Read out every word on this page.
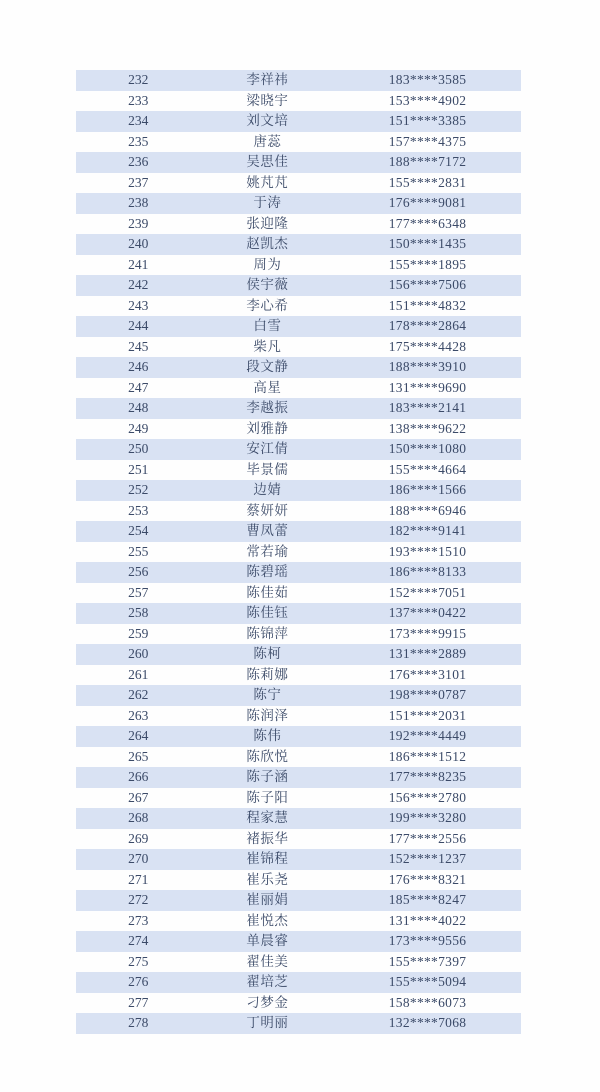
232	李祥祎	183****3585
233	梁晓宇	153****4902
234	刘文培	151****3385
235	唐蕊	157****4375
236	吴思佳	188****7172
237	姚芃芃	155****2831
238	于涛	176****9081
239	张迎隆	177****6348
240	赵凯杰	150****1435
241	周为	155****1895
242	侯宇薇	156****7506
243	李心希	151****4832
244	白雪	178****2864
245	柴凡	175****4428
246	段文静	188****3910
247	高星	131****9690
248	李越振	183****2141
249	刘雅静	138****9622
250	安江倩	150****1080
251	毕景儒	155****4664
252	边婧	186****1566
253	蔡妍妍	188****6946
254	曹凤蕾	182****9141
255	常若瑜	193****1510
256	陈碧瑶	186****8133
257	陈佳茹	152****7051
258	陈佳钰	137****0422
259	陈锦萍	173****9915
260	陈柯	131****2889
261	陈莉娜	176****3101
262	陈宁	198****0787
263	陈润泽	151****2031
264	陈伟	192****4449
265	陈欣悦	186****1512
266	陈子涵	177****8235
267	陈子阳	156****2780
268	程家慧	199****3280
269	褚振华	177****2556
270	崔锦程	152****1237
271	崔乐尧	176****8321
272	崔丽娟	185****8247
273	崔悦杰	131****4022
274	单晨睿	173****9556
275	翟佳美	155****7397
276	翟培芝	155****5094
277	刁梦金	158****6073
278	丁明丽	132****7068
